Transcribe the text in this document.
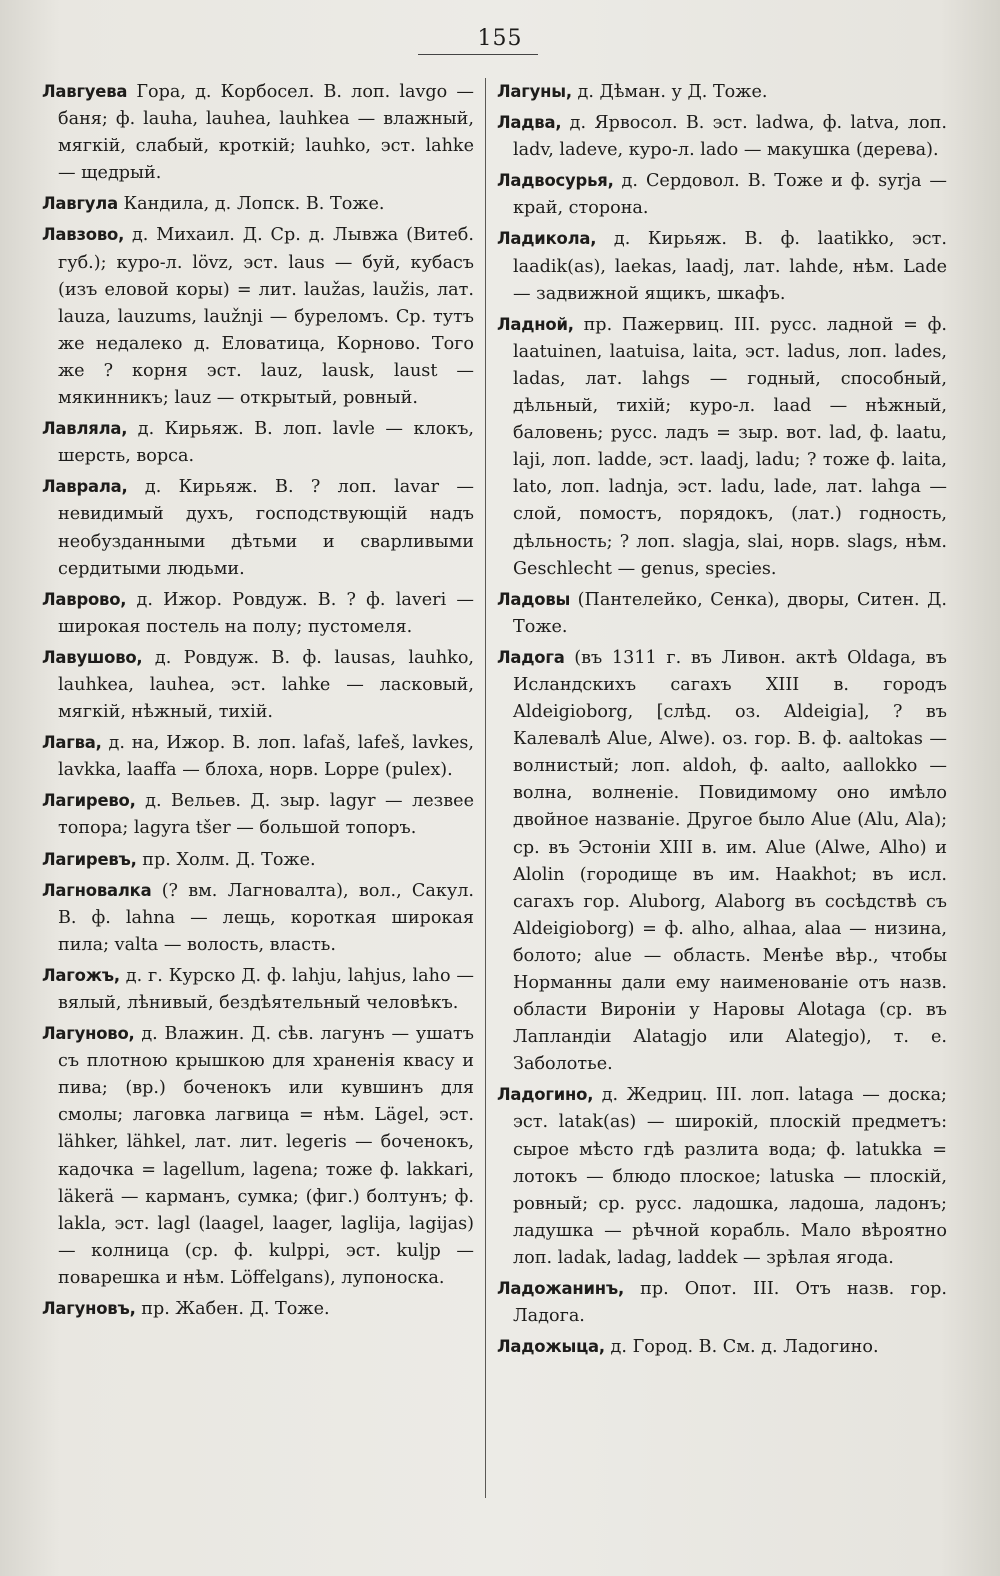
155

Лавгуева Гора, д. Корбосел. В. лоп. lavgo — баня; ф. lauha, lauhea, lauhkea — влажный, мягкій, слабый, кроткій; lauhko, эст. lahke — щедрый.

Лавгула Кандила, д. Лопск. В. Тоже.

Лавзово, д. Михаил. Д. Ср. д. Лывжа (Витеб. губ.); куро-л. lövz, эст. laus — буй, кубасъ (изъ еловой коры) = лит. laužas, laužis, лат. lauza, lauzums, laužnji — буреломъ. Ср. тутъ же недалеко д. Еловатица, Корново. Того же ? корня эст. lauz, lausk, laust — мякинникъ; lauz — открытый, ровный.

Лавляла, д. Кирьяж. В. лоп. lavle — клокъ, шерсть, ворса.

Лаврала, д. Кирьяж. В. ? лоп. lavar — невидимый духъ, господствующій надъ необузданными дѣтьми и сварливыми сердитыми людьми.

Лаврово, д. Ижор. Ровдуж. В. ? ф. laveri — широкая постель на полу; пустомеля.

Лавушово, д. Ровдуж. В. ф. lausas, lauhko, lauhkea, lauhea, эст. lahke — ласковый, мягкій, нѣжный, тихій.

Лагва, д. на, Ижор. В. лоп. lafaš, lafeš, lavkes, lavkka, laaffa — блоха, норв. Loppe (pulex).

Лагирево, д. Вельев. Д. зыр. lagyr — лезвее топора; lagyra tšer — большой топоръ.

Лагиревъ, пр. Холм. Д. Тоже.

Лагновалка (? вм. Лагновалта), вол., Сакул. В. ф. lahna — лещь, короткая широкая пила; valta — волость, власть.

Лагожъ, д. г. Курско Д. ф. lahju, lahjus, laho — вялый, лѣнивый, бездѣятельный человѣкъ.

Лагуново, д. Влажин. Д. сѣв. лагунъ — ушатъ съ плотною крышкою для храненія квасу и пива; (вр.) боченокъ или кувшинъ для смолы; лаговка лагвица = нѣм. Lägel, эст. lähker, lähkel, лат. лит. legeris — боченокъ, кадочка = lagellum, lagena; тоже ф. lakkari, läkerä — карманъ, сумка; (фиг.) болтунъ; ф. lakla, эст. lagl (laagel, laager, laglija, lagijas) — колница (ср. ф. kulppi, эст. kuljp — поварешка и нѣм. Löffelgans), лупоноска.

Лагуновъ, пр. Жабен. Д. Тоже.

Лагуны, д. Дѣман. у Д. Тоже.

Ладва, д. Ярвосол. В. эст. ladwa, ф. latva, лоп. ladv, ladeve, куро-л. lado — макушка (дерева).

Ладвосурья, д. Сердовол. В. Тоже и ф. syrja — край, сторона.

Ладикола, д. Кирьяж. В. ф. laatikko, эст. laadik(as), laekas, laadj, лат. lahde, нѣм. Lade — задвижной ящикъ, шкафъ.

Ладной, пр. Пажервиц. III. русс. ладной = ф. laatuinen, laatuisa, laita, эст. ladus, лоп. lades, ladas, лат. lahgs — годный, способный, дѣльный, тихій; куро-л. laad — нѣжный, баловень; русс. ладъ = зыр. вот. lad, ф. laatu, laji, лоп. ladde, эст. laadj, ladu; ? тоже ф. laita, lato, лоп. ladnja, эст. ladu, lade, лат. lahga — слой, помостъ, порядокъ, (лат.) годность, дѣльность; ? лоп. slagja, slai, норв. slags, нѣм. Geschlecht — genus, species.

Ладовы (Пантелейко, Сенка), дворы, Ситен. Д. Тоже.

Ладога (въ 1311 г. въ Ливон. актѣ Oldaga, въ Исландскихъ сагахъ XIII в. городъ Aldeigioborg, [слѣд. оз. Aldeigia], ? въ Калевалѣ Alue, Alwe). оз. гор. В. ф. aaltokas — волнистый; лоп. aldoh, ф. aalto, aallokko — волна, волненіе. Повидимому оно имѣло двойное названіе. Другое было Alue (Alu, Ala); ср. въ Эстоніи XIII в. им. Alue (Alwe, Alho) и Alolin (городище въ им. Haakhot; въ исл. сагахъ гор. Aluborg, Alaborg въ сосѣдствѣ съ Aldeigioborg) = ф. alho, alhaa, alaa — низина, болото; alue — область. Менѣе вѣр., чтобы Норманны дали ему наименованіе отъ назв. области Виронiи у Наровы Alotaga (ср. въ Лапландіи Alatagjo или Alategjo), т. е. Заболотье.

Ладогино, д. Жедриц. III. лоп. lataga — доска; эст. latak(as) — широкій, плоскій предметъ: сырое мѣсто гдѣ разлита вода; ф. latukka = лотокъ — блюдо плоское; latuska — плоскій, ровный; ср. русс. ладошка, ладоша, ладонъ; ладушка — рѣчной корабль. Мало вѣроятно лоп. ladak, ladag, laddek — зрѣлая ягода.

Ладожанинъ, пр. Опот. III. Отъ назв. гор. Ладога.

Ладожыца, д. Город. В. См. д. Ладогино.
